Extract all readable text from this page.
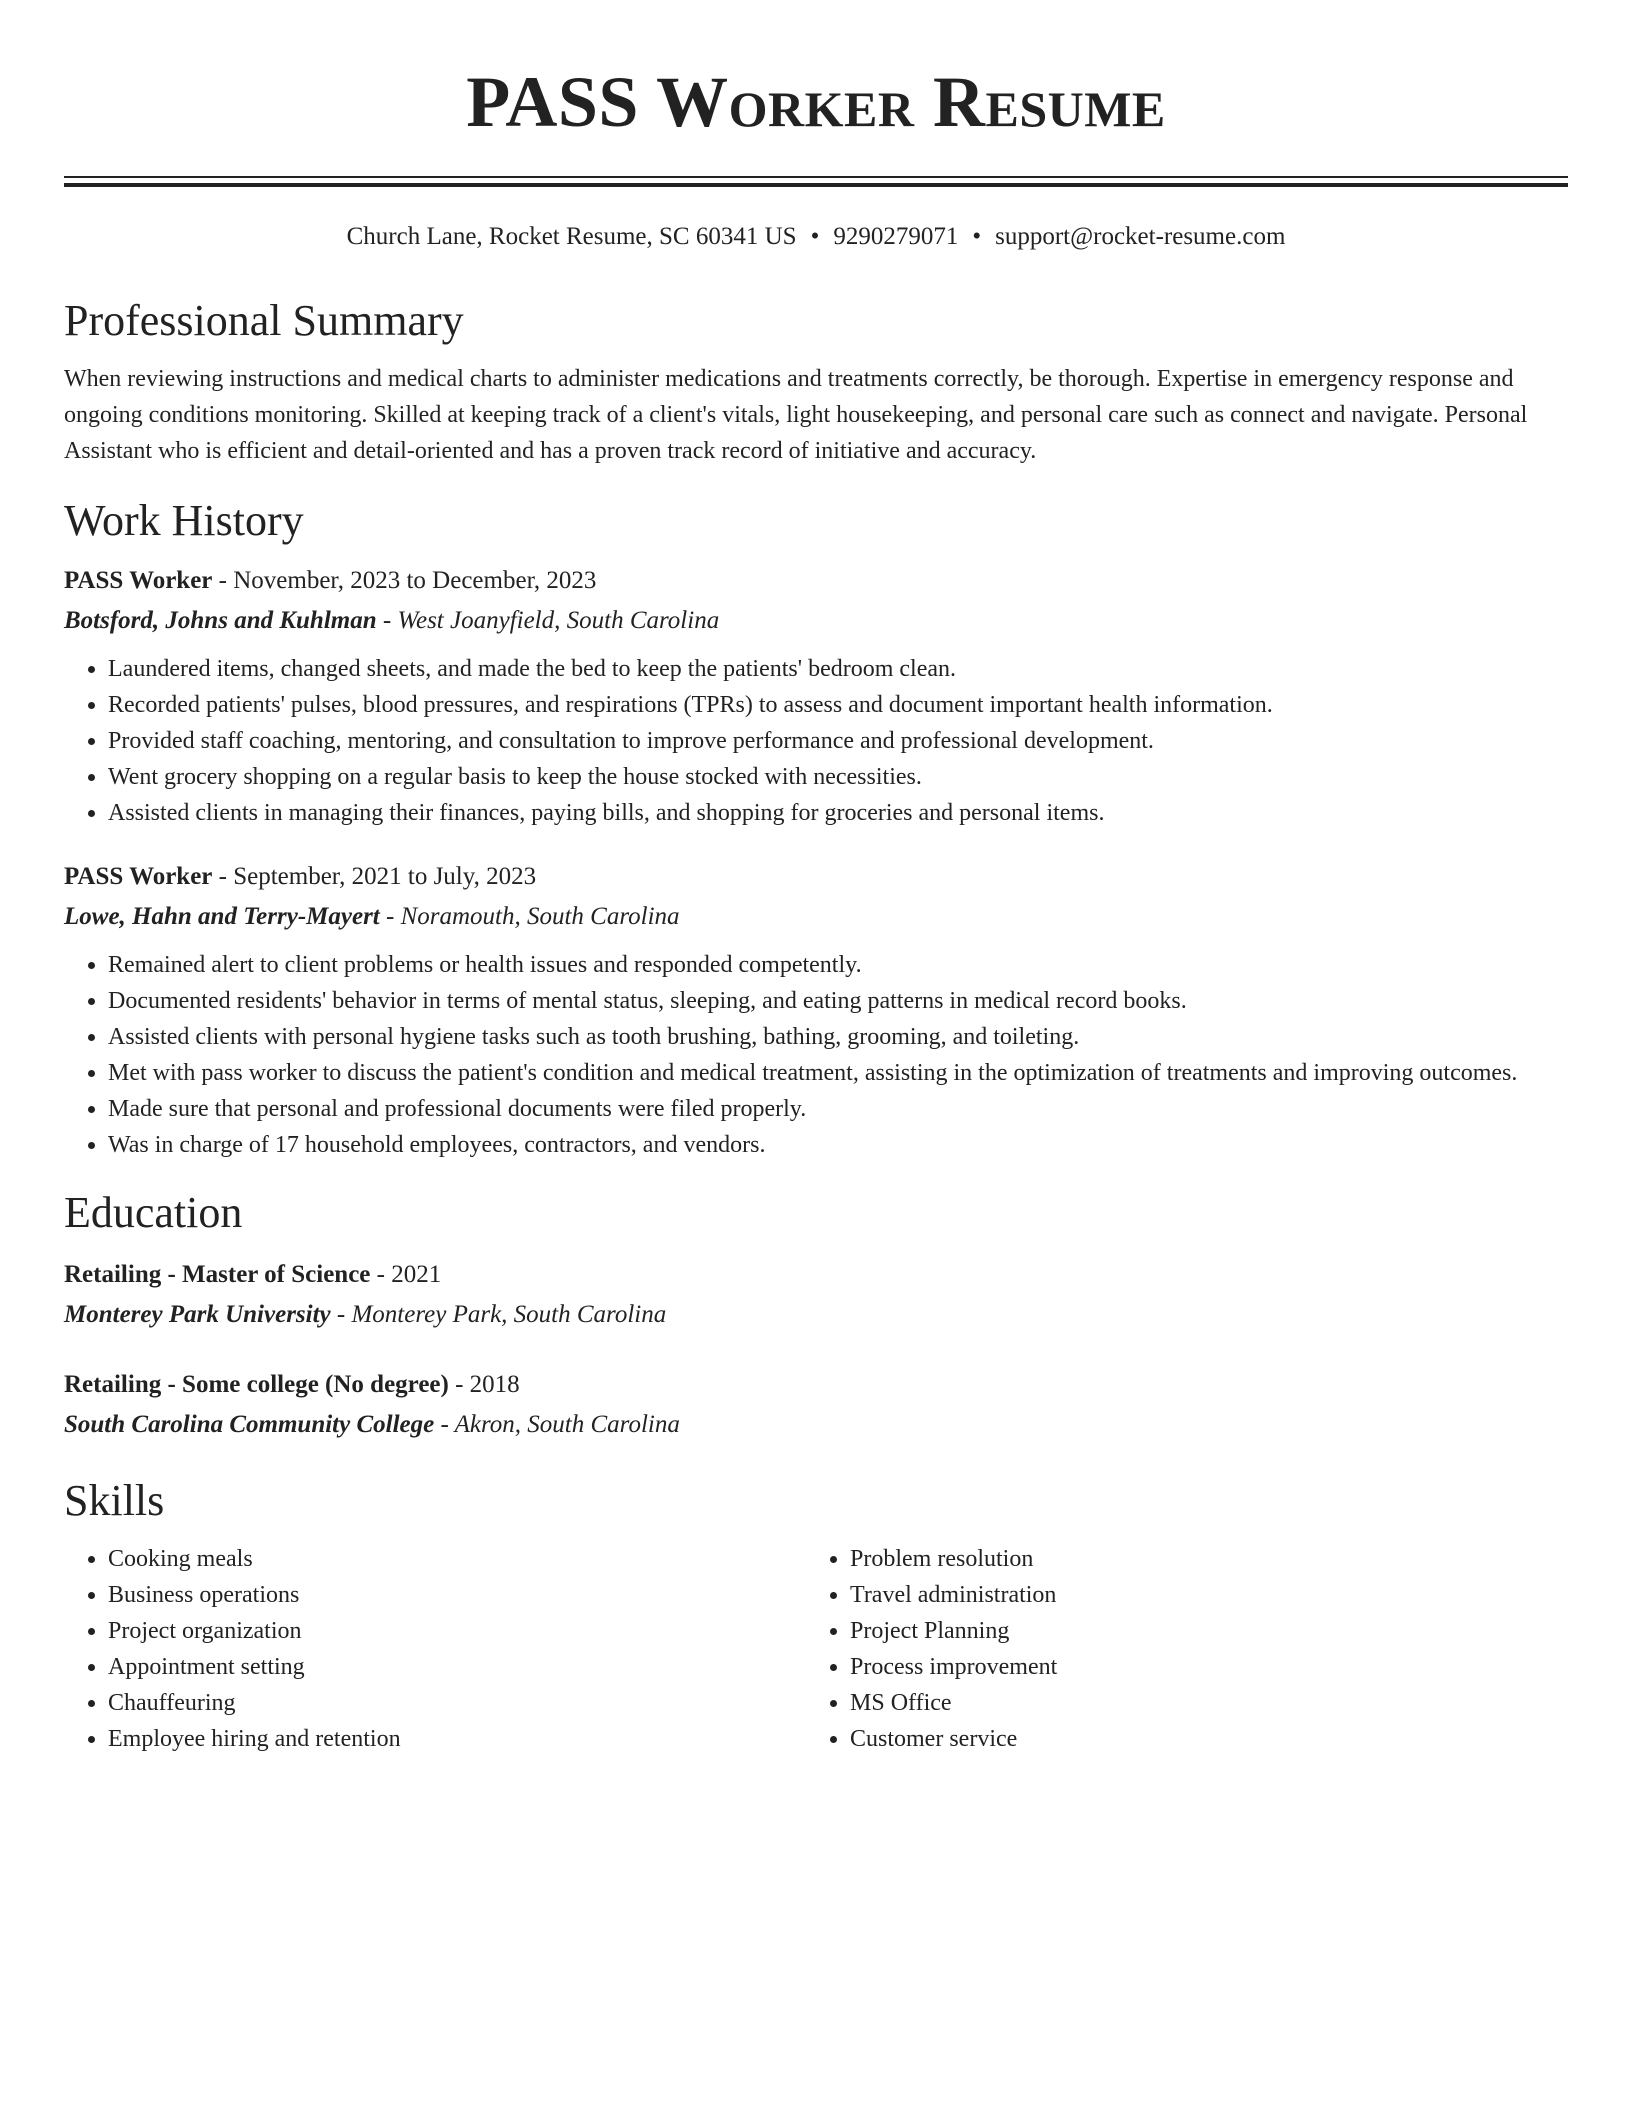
PASS Worker Resume
Church Lane, Rocket Resume, SC 60341 US • 9290279071 • support@rocket-resume.com
Professional Summary

When reviewing instructions and medical charts to administer medications and treatments correctly, be thorough. Expertise in emergency response and ongoing conditions monitoring. Skilled at keeping track of a client's vitals, light housekeeping, and personal care such as connect and navigate. Personal Assistant who is efficient and detail-oriented and has a proven track record of initiative and accuracy.

Work History
PASS Worker - November, 2023 to December, 2023
Botsford, Johns and Kuhlman - West Joanyfield, South Carolina
• Laundered items, changed sheets, and made the bed to keep the patients' bedroom clean.
• Recorded patients' pulses, blood pressures, and respirations (TPRs) to assess and document important health information.
• Provided staff coaching, mentoring, and consultation to improve performance and professional development.
• Went grocery shopping on a regular basis to keep the house stocked with necessities.
• Assisted clients in managing their finances, paying bills, and shopping for groceries and personal items.
PASS Worker - September, 2021 to July, 2023
Lowe, Hahn and Terry-Mayert - Noramouth, South Carolina
• Remained alert to client problems or health issues and responded competently.
• Documented residents' behavior in terms of mental status, sleeping, and eating patterns in medical record books.
• Assisted clients with personal hygiene tasks such as tooth brushing, bathing, grooming, and toileting.
• Met with pass worker to discuss the patient's condition and medical treatment, assisting in the optimization of treatments and improving outcomes.
• Made sure that personal and professional documents were filed properly.
• Was in charge of 17 household employees, contractors, and vendors.
Education
Retailing - Master of Science - 2021
Monterey Park University - Monterey Park, South Carolina
Retailing - Some college (No degree) - 2018
South Carolina Community College - Akron, South Carolina
Skills
• Cooking meals
• Business operations
• Project organization
• Appointment setting
• Chauffeuring
• Employee hiring and retention
• Problem resolution
• Travel administration
• Project Planning
• Process improvement
• MS Office
• Customer service
